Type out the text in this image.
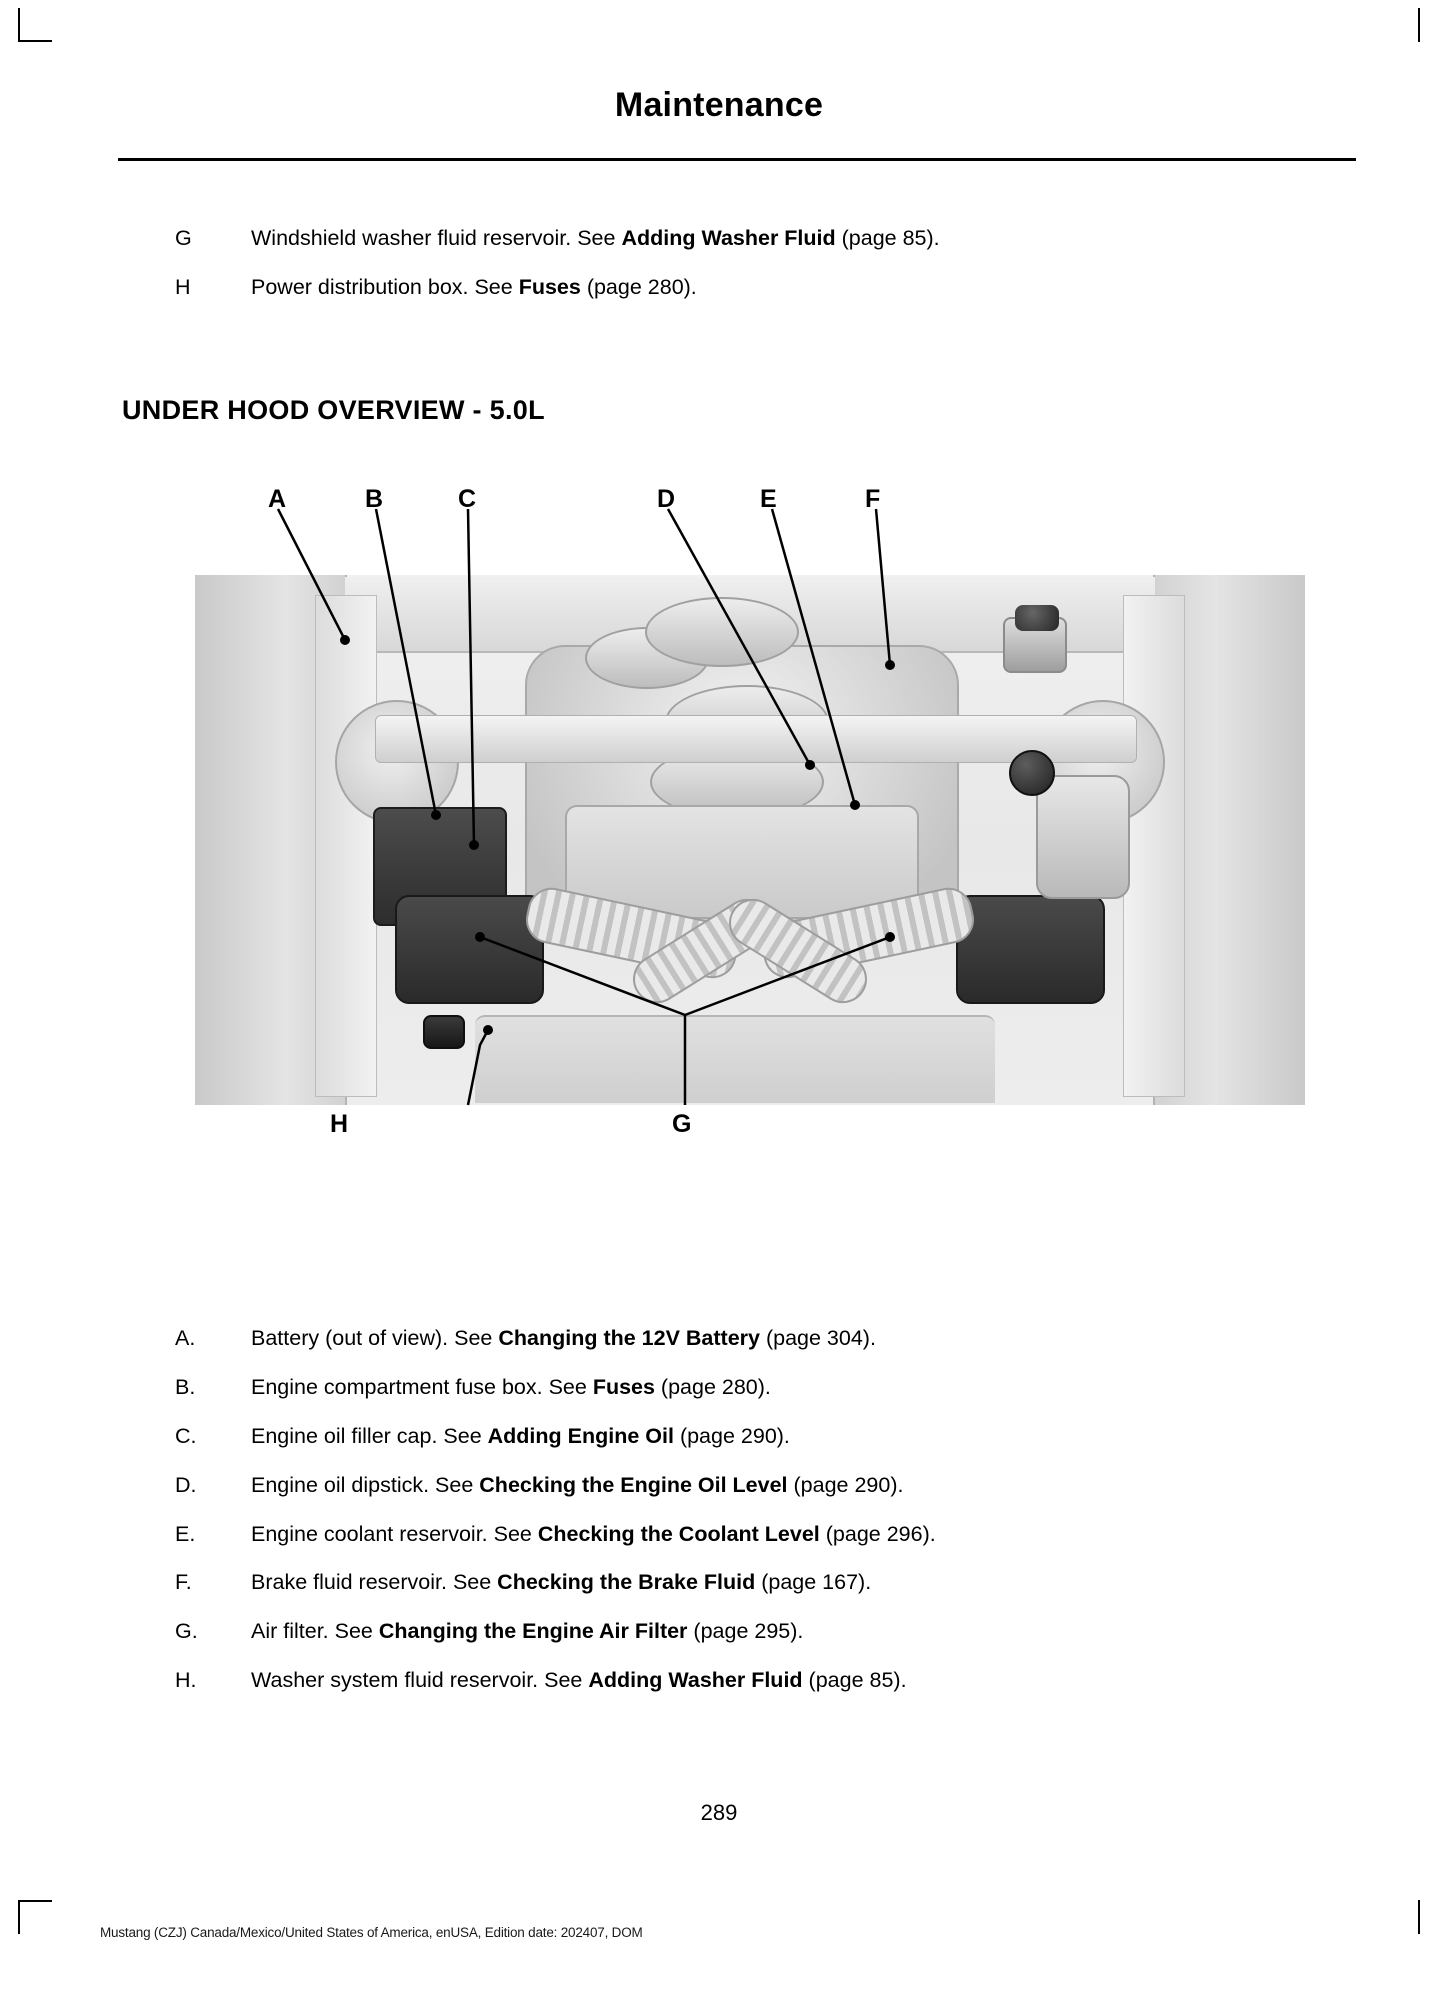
Maintenance
G	Windshield washer fluid reservoir. See Adding Washer Fluid (page 85).
H	Power distribution box. See Fuses (page 280).
UNDER HOOD OVERVIEW - 5.0L
A	B	C	D	E	F
H	G
A.	Battery (out of view). See Changing the 12V Battery (page 304).
B.	Engine compartment fuse box. See Fuses (page 280).
C.	Engine oil filler cap. See Adding Engine Oil (page 290).
D.	Engine oil dipstick. See Checking the Engine Oil Level (page 290).
E.	Engine coolant reservoir. See Checking the Coolant Level (page 296).
F.	Brake fluid reservoir. See Checking the Brake Fluid (page 167).
G.	Air filter. See Changing the Engine Air Filter (page 295).
H.	Washer system fluid reservoir. See Adding Washer Fluid (page 85).
289
Mustang (CZJ) Canada/Mexico/United States of America, enUSA, Edition date: 202407, DOM
